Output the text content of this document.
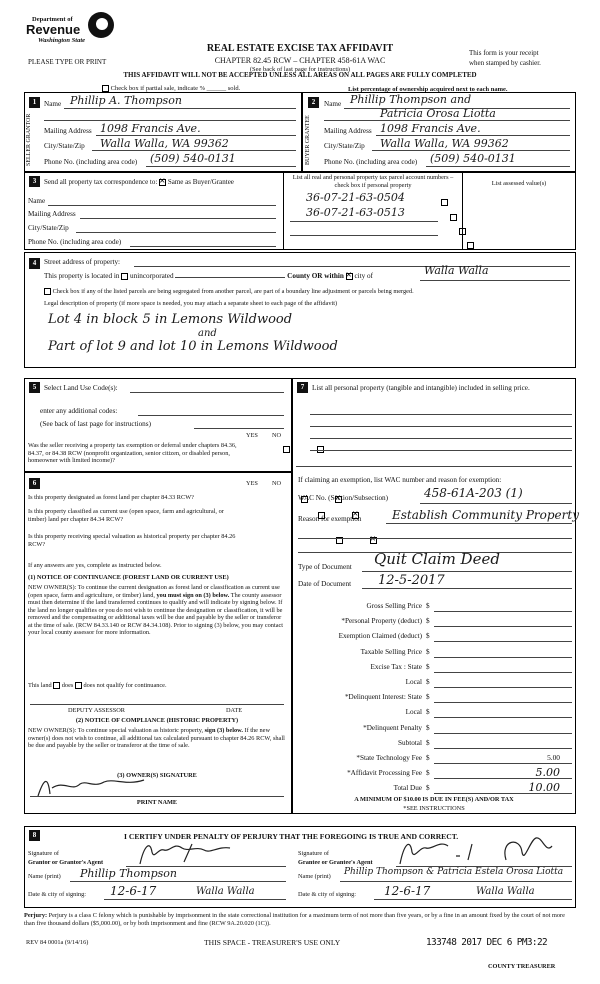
Department of
Revenue
Washington State
PLEASE TYPE OR PRINT
REAL ESTATE EXCISE TAX AFFIDAVIT
CHAPTER 82.45 RCW – CHAPTER 458-61A WAC
(See back of last page for instructions)
THIS AFFIDAVIT WILL NOT BE ACCEPTED UNLESS ALL AREAS ON ALL PAGES ARE FULLY COMPLETED
This form is your receipt
when stamped by cashier.
Check box if partial sale, indicate % ______ sold.	List percentage of ownership acquired next to each name.
1
SELLER GRANTOR
Name Phillip A. Thompson
Mailing Address 1098 Francis Ave.
City/State/Zip Walla Walla, WA 99362
Phone No. (including area code) (509) 540-0131
2
BUYER GRANTEE
Name Phillip Thompson and
Patricia Orosa Liotta
Mailing Address 1098 Francis Ave.
City/State/Zip Walla Walla, WA 99362
Phone No. (including area code) (509) 540-0131
3	Send all property tax correspondence to: × Same as Buyer/Grantee
Name
Mailing Address
City/State/Zip
Phone No. (including area code)
List all real and personal property tax parcel account numbers – check box if personal property
36-07-21-63-0504

36-07-21-63-0513

List assessed value(s)
4	Street address of property:
This property is located in unincorporated	County OR within × city of	Walla Walla
Check box if any of the listed parcels are being segregated from another parcel, are part of a boundary line adjustment or parcels being merged.
Legal description of property (if more space is needed, you may attach a separate sheet to each page of the affidavit)
Lot 4 in block 5 in Lemons Wildwood
and
Part of lot 9 and lot 10 in Lemons Wildwood
5	Select Land Use Code(s):
enter any additional codes:
(See back of last page for instructions)
YES NO
Was the seller receiving a property tax exemption or deferral under chapters 84.36, 84.37, or 84.38 RCW (nonprofit organization, senior citizen, or disabled person, homeowner with limited income)?

6	YES NO
Is this property designated as forest land per chapter 84.33 RCW?
×
Is this property classified as current use (open space, farm and agricultural, or timber) land per chapter 84.34 RCW?
×
Is this property receiving special valuation as historical property per chapter 84.26 RCW?
×
If any answers are yes, complete as instructed below.
(1) NOTICE OF CONTINUANCE (FOREST LAND OR CURRENT USE)
NEW OWNER(S): To continue the current designation as forest land or classification as current use (open space, farm and agriculture, or timber) land, you must sign on (3) below. The county assessor must then determine if the land transferred continues to qualify and will indicate by signing below. If the land no longer qualifies or you do not wish to continue the designation or classification, it will be removed and the compensating or additional taxes will be due and payable by the seller or transferor at the time of sale. (RCW 84.33.140 or RCW 84.34.108). Prior to signing (3) below, you may contact your local county assessor for more information.
This land does does not qualify for continuance.
DEPUTY ASSESSOR	DATE
(2) NOTICE OF COMPLIANCE (HISTORIC PROPERTY)
NEW OWNER(S): To continue special valuation as historic property, sign (3) below. If the new owner(s) does not wish to continue, all additional tax calculated pursuant to chapter 84.26 RCW, shall be due and payable by the seller or transferor at the time of sale.
(3) OWNER(S) SIGNATURE
PRINT NAME
7	List all personal property (tangible and intangible) included in selling price.
If claiming an exemption, list WAC number and reason for exemption:
WAC No. (Section/Subsection)	458-61A-203 (1)
Reason for exemption	Establish Community Property
Type of Document Quit Claim Deed
Date of Document 12-5-2017
Gross Selling Price $
*Personal Property (deduct) $
Exemption Claimed (deduct) $
Taxable Selling Price $
Excise Tax : State $
Local $
*Delinquent Interest: State $
Local $
*Delinquent Penalty $
Subtotal $
*State Technology Fee $	5.00
*Affidavit Processing Fee $	5.00
Total Due $	10.00
A MINIMUM OF $10.00 IS DUE IN FEE(S) AND/OR TAX
*SEE INSTRUCTIONS
8	I CERTIFY UNDER PENALTY OF PERJURY THAT THE FOREGOING IS TRUE AND CORRECT.
Signature of
Grantor or Grantor's Agent
Name (print) Phillip Thompson
Date & city of signing: 12-6-17	Walla Walla
Signature of
Grantee or Grantee's Agent
Name (print) Phillip Thompson & Patricia Estela Orosa Liotta
Date & city of signing: 12-6-17	Walla Walla
Perjury: Perjury is a class C felony which is punishable by imprisonment in the state correctional institution for a maximum term of not more than five years, or by a fine in an amount fixed by the court of not more than five thousand dollars ($5,000.00), or by both imprisonment and fine (RCW 9A.20.020 (1C)).
REV 84 0001a (9/14/16)	THIS SPACE - TREASURER'S USE ONLY	133748 2017 DEC 6 PM3:22
COUNTY TREASURER
